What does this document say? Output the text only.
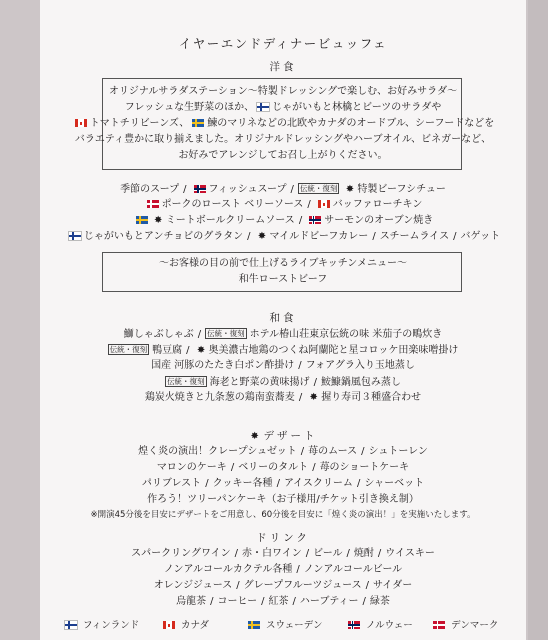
イヤーエンドディナービュッフェ
洋食
オリジナルサラダステーション〜特製ドレッシングで楽しむ、お好みサラダ〜
フレッシュな生野菜のほか、 じゃがいもと林檎とビーツのサラダや
トマトチリビーンズ、 鰊のマリネなどの北欧やカナダのオードブル、シーフードなどを
バラエティ豊かに取り揃えました。オリジナルドレッシングやハーブオイル、ビネガーなど、
お好みでアレンジしてお召し上がりください。
季節のスープ / フィッシュスープ / 伝統・復刻 ✸ 特製ビーフシチュー
ポークのロースト ベリーソース / バッファローチキン
✸ ミートボールクリームソース / サーモンのオーブン焼き
じゃがいもとアンチョビのグラタン / ✸ マイルドビーフカレー / スチームライス / バゲット
〜お客様の目の前で仕上げるライブキッチンメニュー〜
和牛ローストビーフ
和食
鰤しゃぶしゃぶ / 伝統・復刻 ホテル椿山荘東京伝統の味 米茄子の鴫炊き
伝統・復刻 鴨豆腐 / ✸ 奥美濃古地鶏のつくね阿蘭陀と星コロッケ田楽味噌掛け
国産 河豚のたたき白ポン酢掛け / フォアグラ入り玉地蒸し
伝統・復刻 海老と野菜の黄味揚げ / 鮟鱇鍋風包み蒸し
鶏炭火焼きと九条葱の鶏南蛮蕎麦 / ✸ 握り寿司３種盛合わせ
✸ デザート
煌く炎の演出！クレープシュゼット / 苺のムース / シュトーレン
マロンのケーキ / ベリーのタルト / 苺のショートケーキ
パリブレスト / クッキー各種 / アイスクリーム / シャーベット
作ろう！ツリーパンケーキ（お子様用/チケット引き換え制）
※開演45分後を目安にデザートをご用意し、60分後を目安に「煌く炎の演出！」を実施いたします。
ドリンク
スパークリングワイン / 赤・白ワイン / ビール / 焼酎 / ウイスキー
ノンアルコールカクテル各種 / ノンアルコールビール
オレンジジュース / グレープフルーツジュース / サイダー
烏龍茶 / コーヒー / 紅茶 / ハーブティー / 緑茶
フィンランド	カナダ	スウェーデン	ノルウェー	デンマーク
